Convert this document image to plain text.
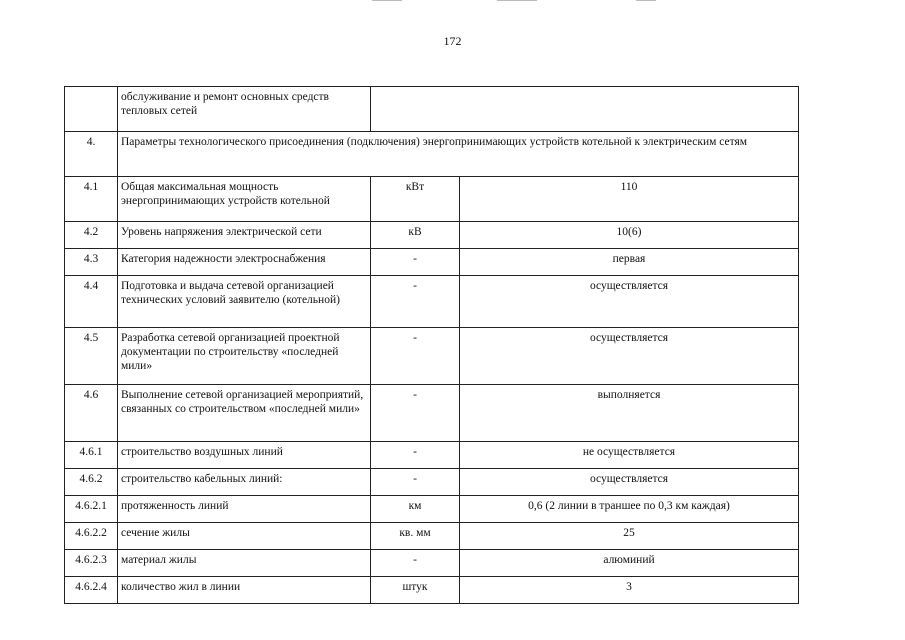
172
	обслуживание и ремонт основных средств тепловых сетей		
4.	Параметры технологического присоединения (подключения) энергопринимающих устройств котельной к электрическим сетям		
4.1	Общая максимальная мощность энергопринимающих устройств котельной	кВт	110
4.2	Уровень напряжения электрической сети	кВ	10(6)
4.3	Категория надежности электроснабжения	-	первая
4.4	Подготовка и выдача сетевой организацией технических условий заявителю (котельной)	-	осуществляется
4.5	Разработка сетевой организацией проектной документации по строительству «последней мили»	-	осуществляется
4.6	Выполнение сетевой организацией мероприятий, связанных со строительством «последней мили»	-	выполняется
4.6.1	строительство воздушных линий	-	не осуществляется
4.6.2	строительство кабельных линий:	-	осуществляется
4.6.2.1	протяженность линий	км	0,6 (2 линии в траншее по 0,3 км каждая)
4.6.2.2	сечение жилы	кв. мм	25
4.6.2.3	материал жилы	-	алюминий
4.6.2.4	количество жил в линии	штук	3
